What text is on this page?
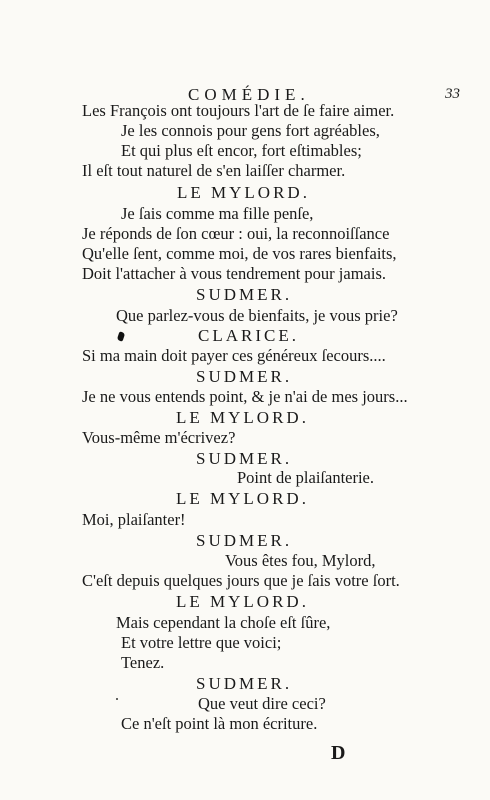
COMÉDIE.	33
Les François ont toujours l'art de ſe faire aimer.
Je les connois pour gens fort agréables,
Et qui plus eſt encor, fort eſtimables;
Il eſt tout naturel de s'en laiſſer charmer.
LE MYLORD.
Je ſais comme ma fille penſe,
Je réponds de ſon cœur : oui, la reconnoiſſance
Qu'elle ſent, comme moi, de vos rares bienfaits,
Doit l'attacher à vous tendrement pour jamais.
SUDMER.
Que parlez-vous de bienfaits, je vous prie?
CLARICE.
Si ma main doit payer ces généreux ſecours....
SUDMER.
Je ne vous entends point, & je n'ai de mes jours...
LE MYLORD.
Vous-même m'écrivez?
SUDMER.
Point de plaiſanterie.
LE MYLORD.
Moi, plaiſanter!
SUDMER.
Vous êtes fou, Mylord,
C'eſt depuis quelques jours que je ſais votre ſort.
LE MYLORD.
Mais cependant la choſe eſt ſûre,
Et votre lettre que voici;
Tenez.
SUDMER.
Que veut dire ceci?
Ce n'eſt point là mon écriture.
D
